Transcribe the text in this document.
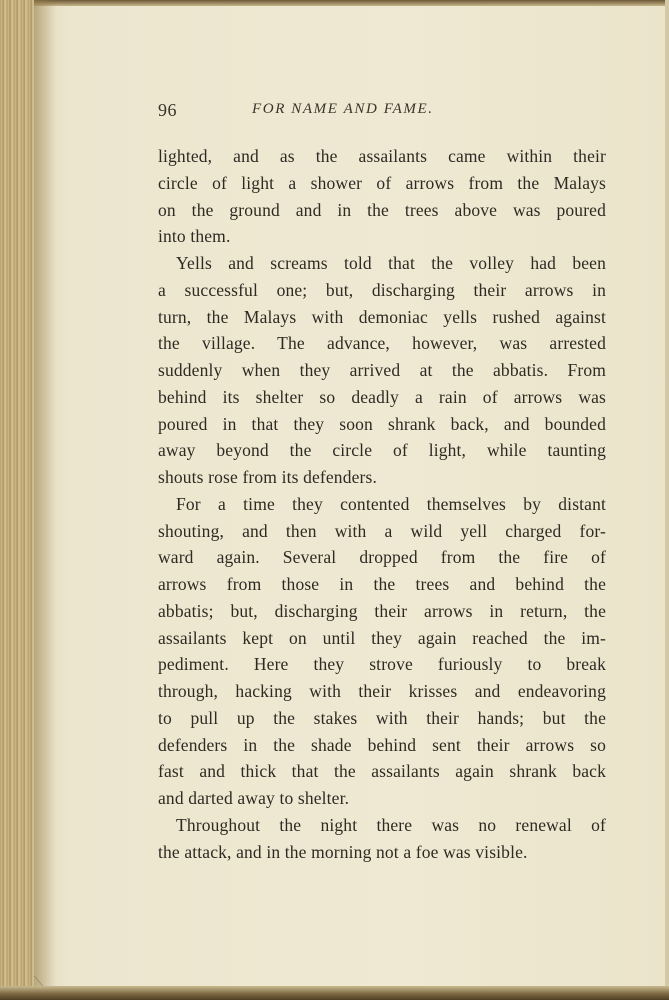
96	FOR NAME AND FAME.
lighted, and as the assailants came within their
circle of light a shower of arrows from the Malays
on the ground and in the trees above was poured
into them.
Yells and screams told that the volley had been
a successful one; but, discharging their arrows in
turn, the Malays with demoniac yells rushed against
the village. The advance, however, was arrested
suddenly when they arrived at the abbatis. From
behind its shelter so deadly a rain of arrows was
poured in that they soon shrank back, and bounded
away beyond the circle of light, while taunting
shouts rose from its defenders.
For a time they contented themselves by distant
shouting, and then with a wild yell charged for-
ward again. Several dropped from the fire of
arrows from those in the trees and behind the
abbatis; but, discharging their arrows in return, the
assailants kept on until they again reached the im-
pediment. Here they strove furiously to break
through, hacking with their krisses and endeavoring
to pull up the stakes with their hands; but the
defenders in the shade behind sent their arrows so
fast and thick that the assailants again shrank back
and darted away to shelter.
Throughout the night there was no renewal of
the attack, and in the morning not a foe was visible.
